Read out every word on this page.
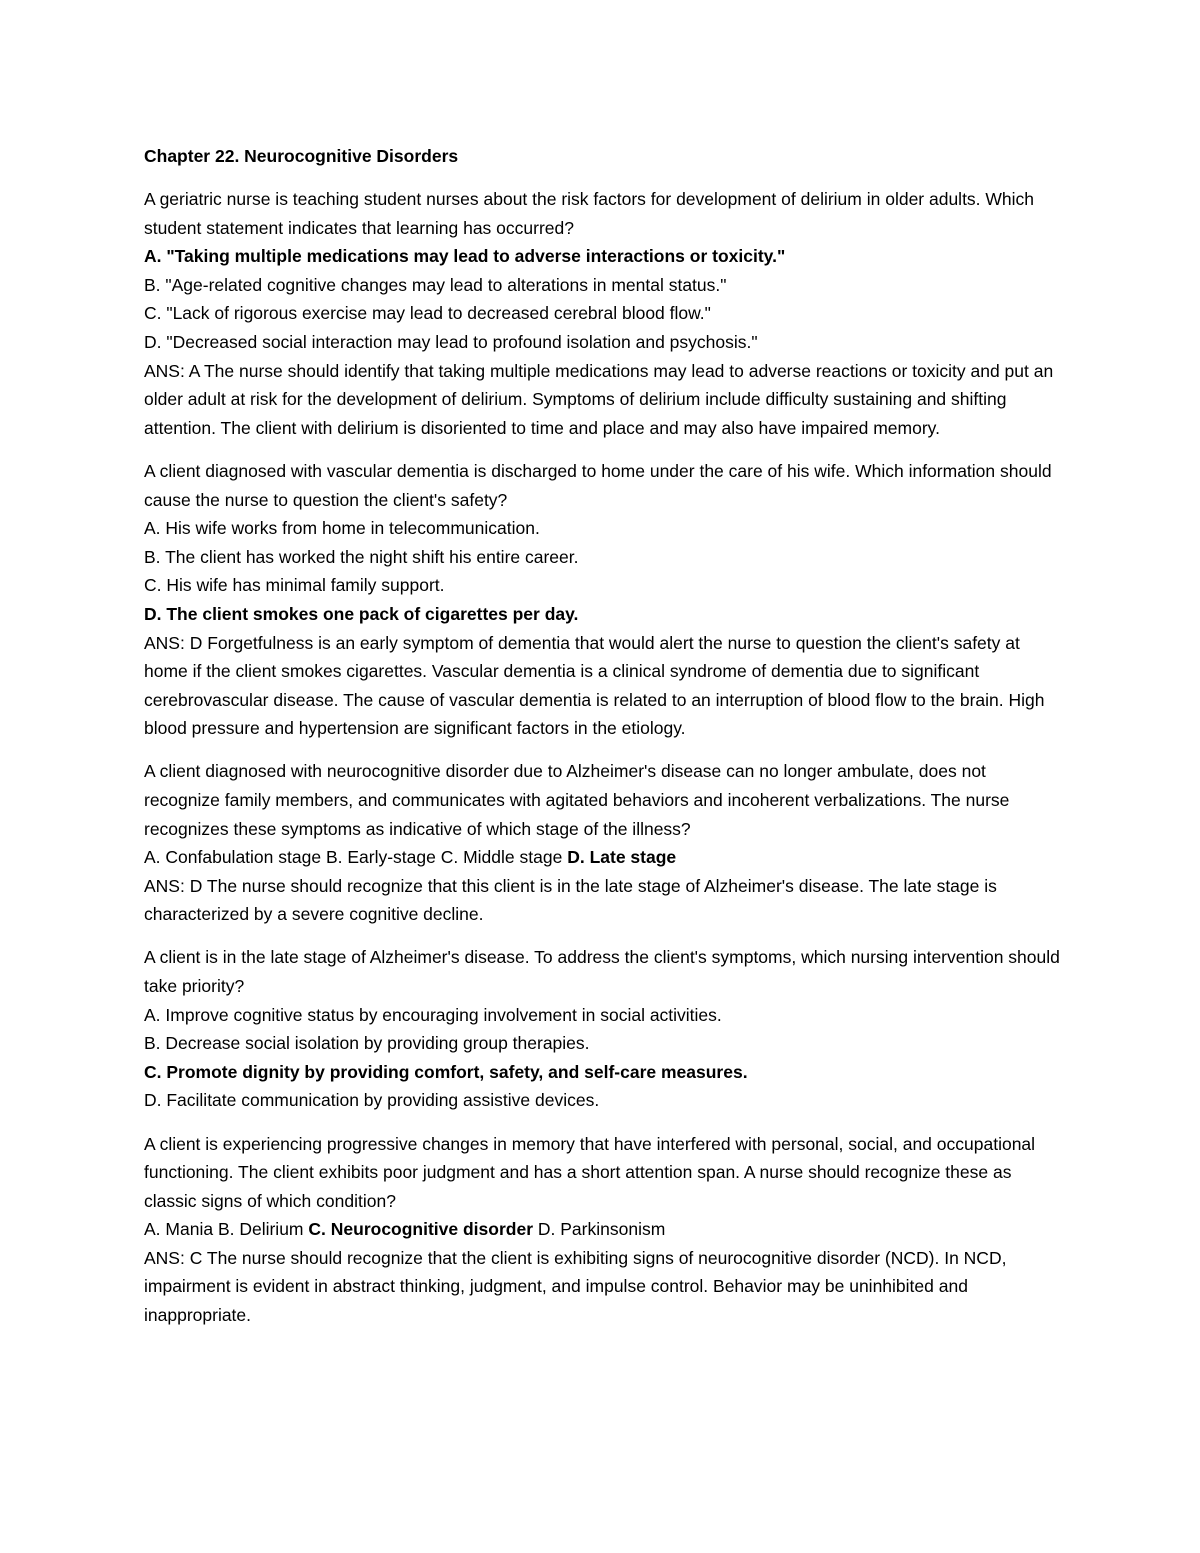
Chapter 22. Neurocognitive Disorders

A geriatric nurse is teaching student nurses about the risk factors for development of delirium in older adults. Which student statement indicates that learning has occurred?

A. "Taking multiple medications may lead to adverse interactions or toxicity."

B. "Age-related cognitive changes may lead to alterations in mental status."

C. "Lack of rigorous exercise may lead to decreased cerebral blood flow."

D. "Decreased social interaction may lead to profound isolation and psychosis."

ANS: A The nurse should identify that taking multiple medications may lead to adverse reactions or toxicity and put an older adult at risk for the development of delirium. Symptoms of delirium include difficulty sustaining and shifting attention. The client with delirium is disoriented to time and place and may also have impaired memory.

A client diagnosed with vascular dementia is discharged to home under the care of his wife. Which information should cause the nurse to question the client's safety?

A. His wife works from home in telecommunication.

B. The client has worked the night shift his entire career.

C. His wife has minimal family support.

D. The client smokes one pack of cigarettes per day.

ANS: D Forgetfulness is an early symptom of dementia that would alert the nurse to question the client's safety at home if the client smokes cigarettes. Vascular dementia is a clinical syndrome of dementia due to significant cerebrovascular disease. The cause of vascular dementia is related to an interruption of blood flow to the brain. High blood pressure and hypertension are significant factors in the etiology.

A client diagnosed with neurocognitive disorder due to Alzheimer's disease can no longer ambulate, does not recognize family members, and communicates with agitated behaviors and incoherent verbalizations. The nurse recognizes these symptoms as indicative of which stage of the illness?

A. Confabulation stage B. Early-stage C. Middle stage D. Late stage

ANS: D The nurse should recognize that this client is in the late stage of Alzheimer's disease. The late stage is characterized by a severe cognitive decline.

A client is in the late stage of Alzheimer's disease. To address the client's symptoms, which nursing intervention should take priority?

A. Improve cognitive status by encouraging involvement in social activities.

B. Decrease social isolation by providing group therapies.

C. Promote dignity by providing comfort, safety, and self-care measures.

D. Facilitate communication by providing assistive devices.

A client is experiencing progressive changes in memory that have interfered with personal, social, and occupational functioning. The client exhibits poor judgment and has a short attention span. A nurse should recognize these as classic signs of which condition?

A. Mania B. Delirium C. Neurocognitive disorder D. Parkinsonism

ANS: C The nurse should recognize that the client is exhibiting signs of neurocognitive disorder (NCD). In NCD, impairment is evident in abstract thinking, judgment, and impulse control. Behavior may be uninhibited and inappropriate.
